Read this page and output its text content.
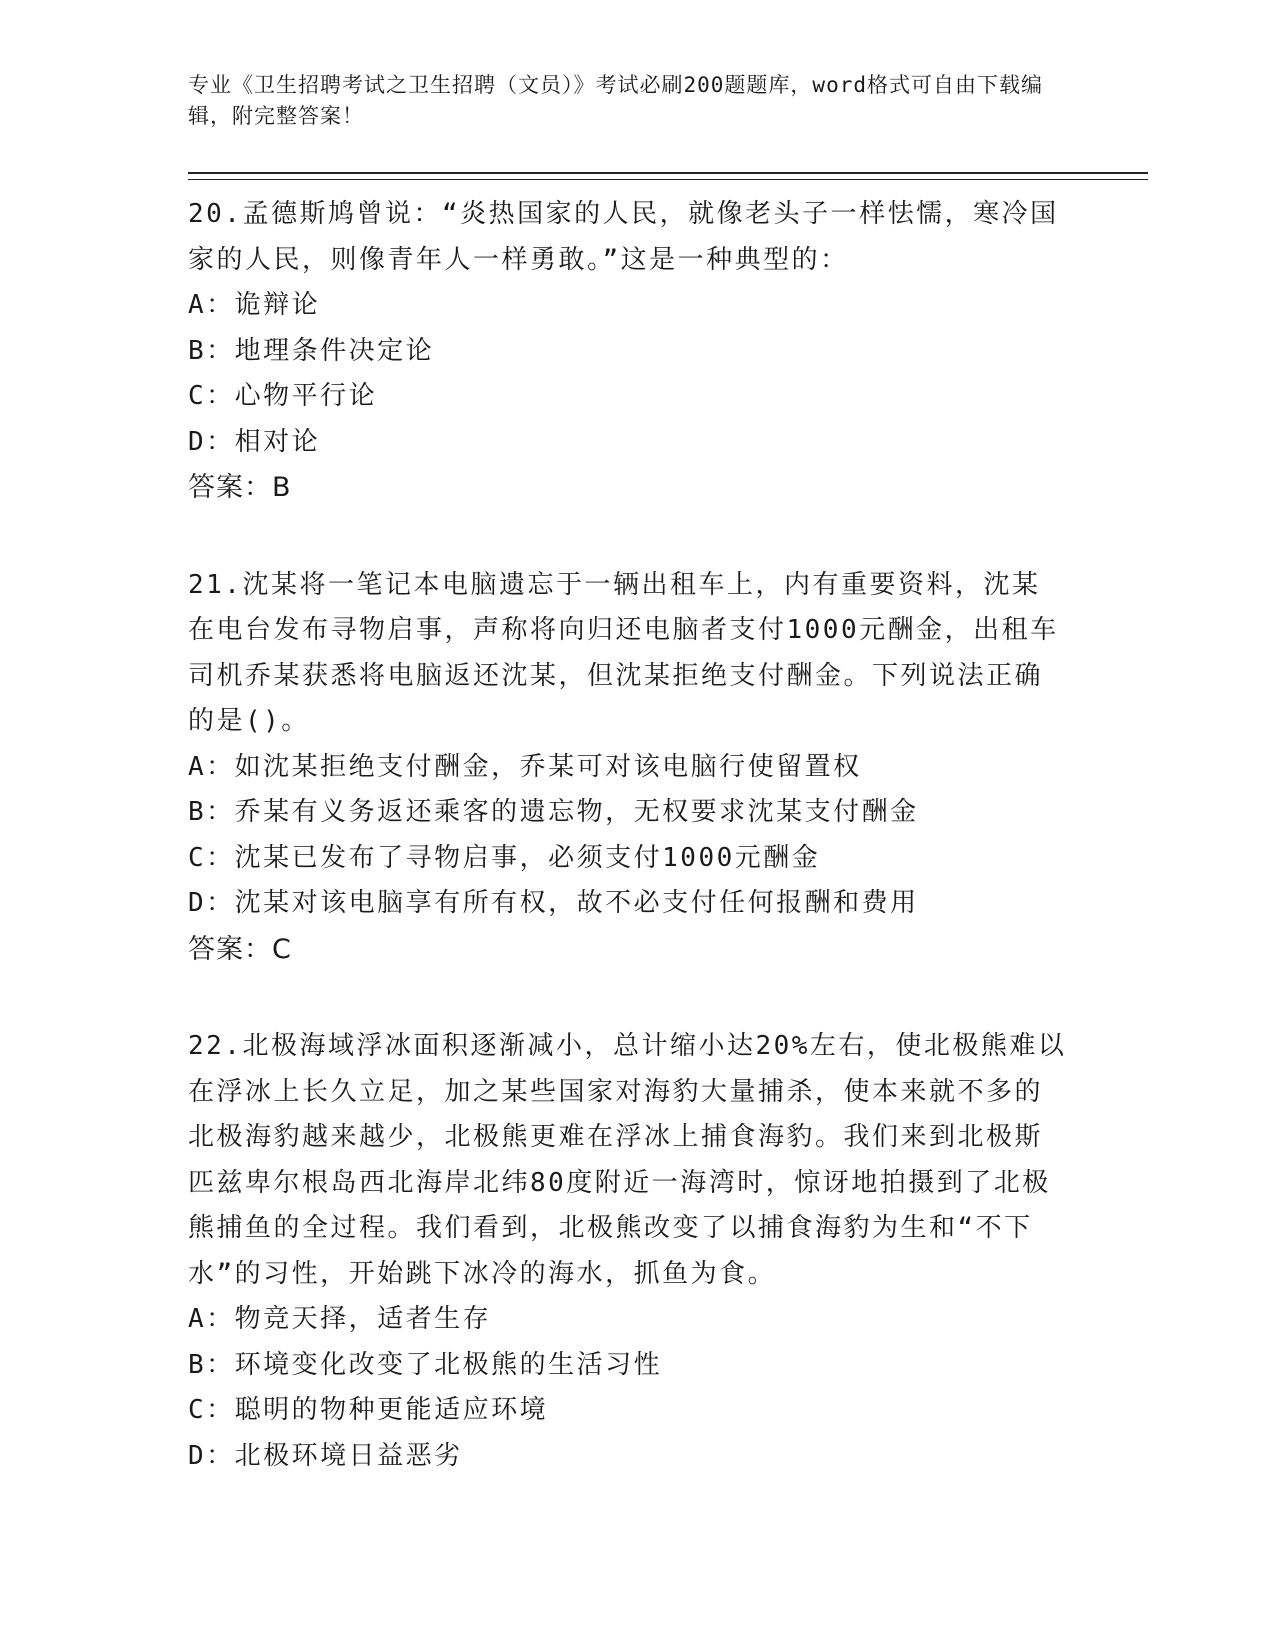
专业《卫生招聘考试之卫生招聘（文员）》考试必刷200题题库，word格式可自由下载编辑，附完整答案！

20.孟德斯鸠曾说：“炎热国家的人民，就像老头子一样怯懦，寒冷国家的人民，则像青年人一样勇敢。”这是一种典型的：

A：诡辩论

B：地理条件决定论

C：心物平行论

D：相对论

答案：B

21.沈某将一笔记本电脑遗忘于一辆出租车上，内有重要资料，沈某在电台发布寻物启事，声称将向归还电脑者支付1000元酬金，出租车司机乔某获悉将电脑返还沈某，但沈某拒绝支付酬金。下列说法正确的是()。

A：如沈某拒绝支付酬金，乔某可对该电脑行使留置权

B：乔某有义务返还乘客的遗忘物，无权要求沈某支付酬金

C：沈某已发布了寻物启事，必须支付1000元酬金

D：沈某对该电脑享有所有权，故不必支付任何报酬和费用

答案：C

22.北极海域浮冰面积逐渐减小，总计缩小达20%左右，使北极熊难以在浮冰上长久立足，加之某些国家对海豹大量捕杀，使本来就不多的北极海豹越来越少，北极熊更难在浮冰上捕食海豹。我们来到北极斯匹兹卑尔根岛西北海岸北纬80度附近一海湾时，惊讶地拍摄到了北极熊捕鱼的全过程。我们看到，北极熊改变了以捕食海豹为生和“不下水”的习性，开始跳下冰冷的海水，抓鱼为食。

A：物竞天择，适者生存

B：环境变化改变了北极熊的生活习性

C：聪明的物种更能适应环境

D：北极环境日益恶劣
